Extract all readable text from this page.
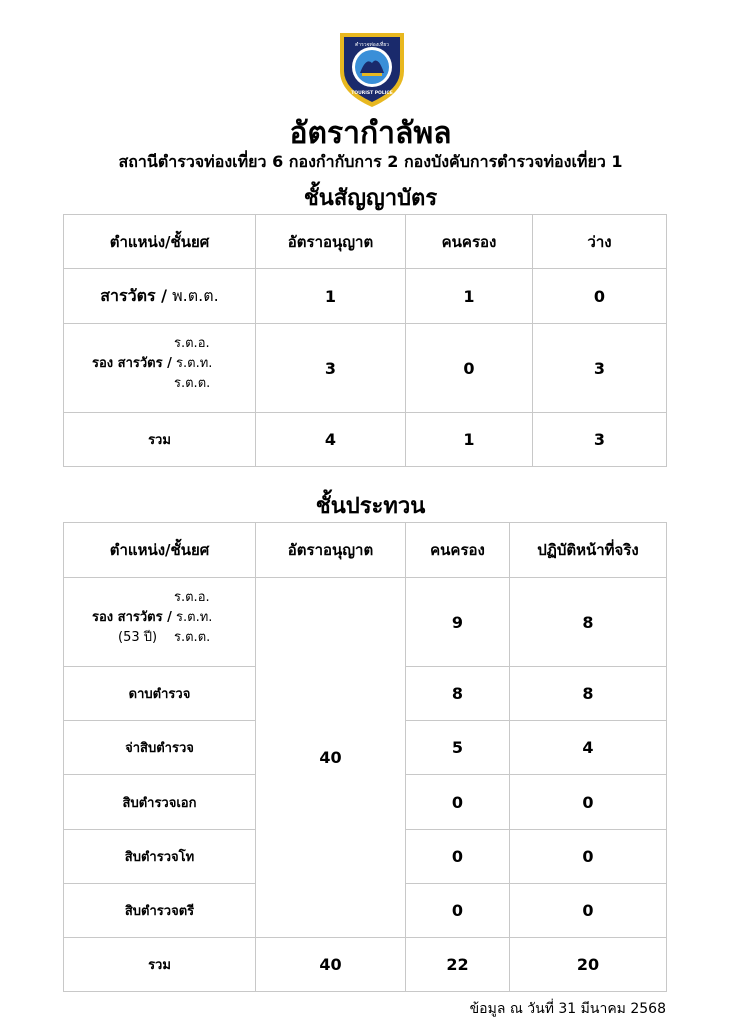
ตำรวจท่องเที่ยว
TOURIST POLICE
อัตรากำลัพล
สถานีตำรวจท่องเที่ยว 6 กองกำกับการ 2 กองบังคับการตำรวจท่องเที่ยว 1
ชั้นสัญญาบัตร
ตำแหน่ง/ชั้นยศ	อัตราอนุญาต	คนครอง	ว่าง
สารวัตร / พ.ต.ต.	1	1	0

ร.ต.อ.
ร.ต.ต.
รอง สารวัตร / ร.ต.ท.	3	0	3
รวม	4	1	3
ชั้นประทวน
ตำแหน่ง/ชั้นยศ	อัตราอนุญาต	คนครอง	ปฏิบัติหน้าที่จริง

ร.ต.อ.
ร.ต.ต.
รอง สารวัตร / ร.ต.ท.
(53 ปี)	40	9	8
ดาบตำรวจ		8	8
จ่าสิบตำรวจ		5	4
สิบตำรวจเอก		0	0
สิบตำรวจโท		0	0
สิบตำรวจตรี		0	0
รวม	40	22	20
ข้อมูล ณ วันที่ 31 มีนาคม 2568
